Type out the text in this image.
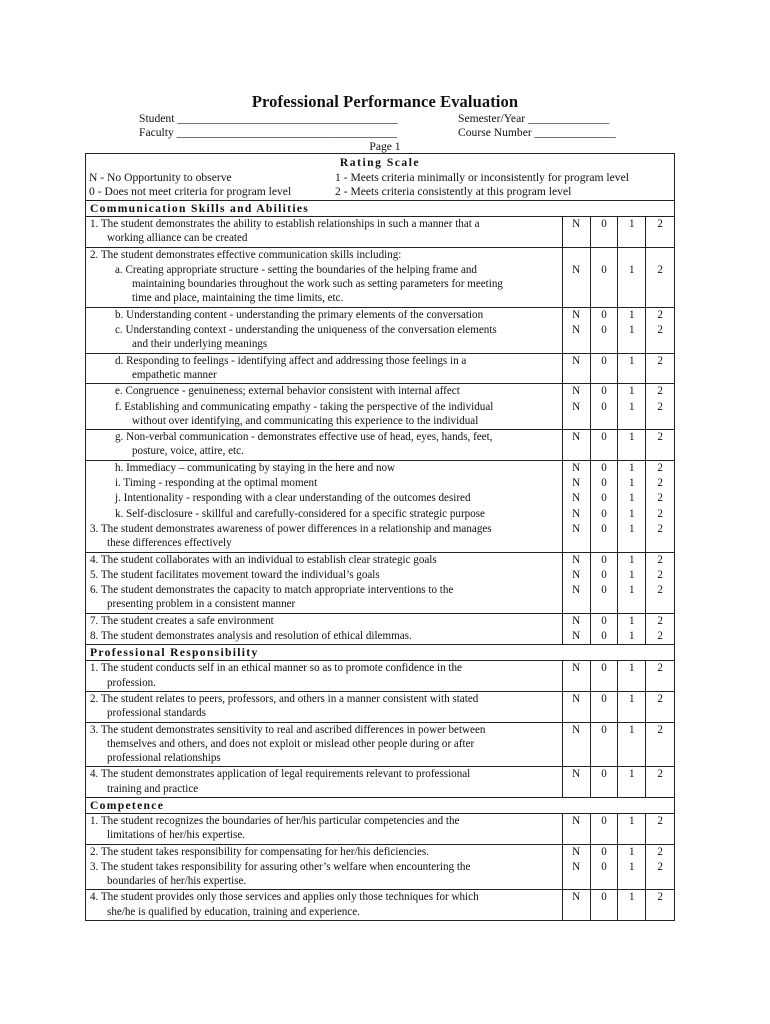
Professional Performance Evaluation
Student ______________________________________
Faculty ______________________________________
Semester/Year ______________
Course Number ______________
Page 1
Rating Scale
N - No Opportunity to observe
0 - Does not meet criteria for program level
1 - Meets criteria minimally or inconsistently for program level
2 - Meets criteria consistently at this program level
Communication Skills and Abilities
1. The student demonstrates the ability to establish relationships in such a manner that a
working alliance can be created
N	0	1	2
2. The student demonstrates effective communication skills including:
a. Creating appropriate structure - setting the boundaries of the helping frame and
maintaining boundaries throughout the work such as setting parameters for meeting
time and place, maintaining the time limits, etc.
N	0	1	2
b. Understanding content - understanding the primary elements of the conversation	N	0	1	2
c. Understanding context - understanding the uniqueness of the conversation elements
and their underlying meanings
N	0	1	2
d. Responding to feelings - identifying affect and addressing those feelings in a
empathetic manner
N	0	1	2
e. Congruence - genuineness; external behavior consistent with internal affect	N	0	1	2
f. Establishing and communicating empathy - taking the perspective of the individual
without over identifying, and communicating this experience to the individual
N	0	1	2
g. Non-verbal communication - demonstrates effective use of head, eyes, hands, feet,
posture, voice, attire, etc.
N	0	1	2
h. Immediacy – communicating by staying in the here and now	N	0	1	2
i. Timing - responding at the optimal moment	N	0	1	2
j. Intentionality - responding with a clear understanding of the outcomes desired	N	0	1	2
k. Self-disclosure - skillful and carefully-considered for a specific strategic purpose	N	0	1	2
3. The student demonstrates awareness of power differences in a relationship and manages
these differences effectively
N	0	1	2
4. The student collaborates with an individual to establish clear strategic goals	N	0	1	2
5. The student facilitates movement toward the individual’s goals	N	0	1	2
6. The student demonstrates the capacity to match appropriate interventions to the
presenting problem in a consistent manner
N	0	1	2
7. The student creates a safe environment	N	0	1	2
8. The student demonstrates analysis and resolution of ethical dilemmas.	N	0	1	2
Professional Responsibility
1. The student conducts self in an ethical manner so as to promote confidence in the
profession.
N	0	1	2
2. The student relates to peers, professors, and others in a manner consistent with stated
professional standards
N	0	1	2
3. The student demonstrates sensitivity to real and ascribed differences in power between
themselves and others, and does not exploit or mislead other people during or after
professional relationships
N	0	1	2
4. The student demonstrates application of legal requirements relevant to professional
training and practice
N	0	1	2
Competence
1. The student recognizes the boundaries of her/his particular competencies and the
limitations of her/his expertise.
N	0	1	2
2. The student takes responsibility for compensating for her/his deficiencies.	N	0	1	2
3. The student takes responsibility for assuring other’s welfare when encountering the
boundaries of her/his expertise.
N	0	1	2
4. The student provides only those services and applies only those techniques for which
she/he is qualified by education, training and experience.
N	0	1	2
